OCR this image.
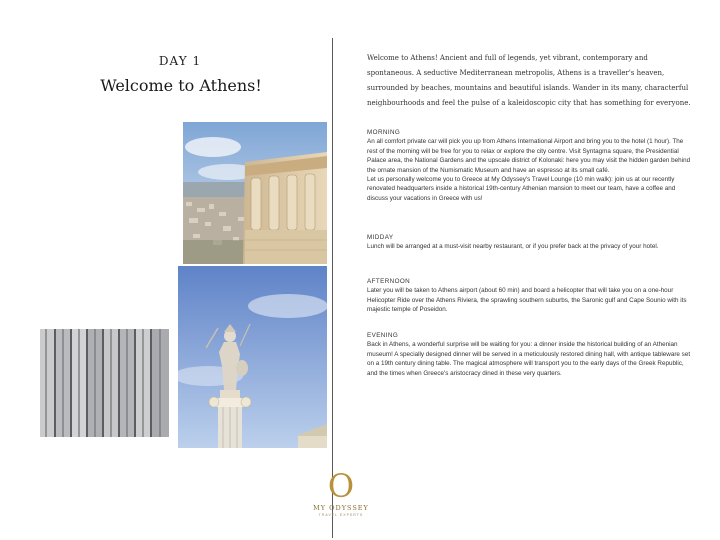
DAY 1
Welcome to Athens!
Welcome to Athens! Ancient and full of legends, yet vibrant, contemporary and spontaneous. A seductive Mediterranean metropolis, Athens is a traveller's heaven, surrounded by beaches, mountains and beautiful islands. Wander in its many, characterful neighbourhoods and feel the pulse of a kaleidoscopic city that has something for everyone.
MORNING

An all comfort private car will pick you up from Athens International Airport and bring you to the hotel (1 hour). The rest of the morning will be free for you to relax or explore the city centre. Visit Syntagma square, the Presidential Palace area, the National Gardens and the upscale district of Kolonaki: here you may visit the hidden garden behind the ornate mansion of the Numismatic Museum and have an espresso at its small café.

Let us personally welcome you to Greece at My Odyssey's Travel Lounge (10 min walk): join us at our recently renovated headquarters inside a historical 19th-century Athenian mansion to meet our team, have a coffee and discuss your vacations in Greece with us!

MIDDAY

Lunch will be arranged at a must-visit nearby restaurant, or if you prefer back at the privacy of your hotel.

AFTERNOON

Later you will be taken to Athens airport (about 60 min) and board a helicopter that will take you on a one-hour Helicopter Ride over the Athens Riviera, the sprawling southern suburbs, the Saronic gulf and Cape Sounio with its majestic temple of Poseidon.

EVENING

Back in Athens, a wonderful surprise will be waiting for you: a dinner inside the historical building of an Athenian museum! A specially designed dinner will be served in a meticulously restored dining hall, with antique tableware set on a 19th century dining table. The magical atmosphere will transport you to the early days of the Greek Republic, and the times when Greece's aristocracy dined in these very quarters.

O
MY ODYSSEY
TRAVEL EXPERTS
